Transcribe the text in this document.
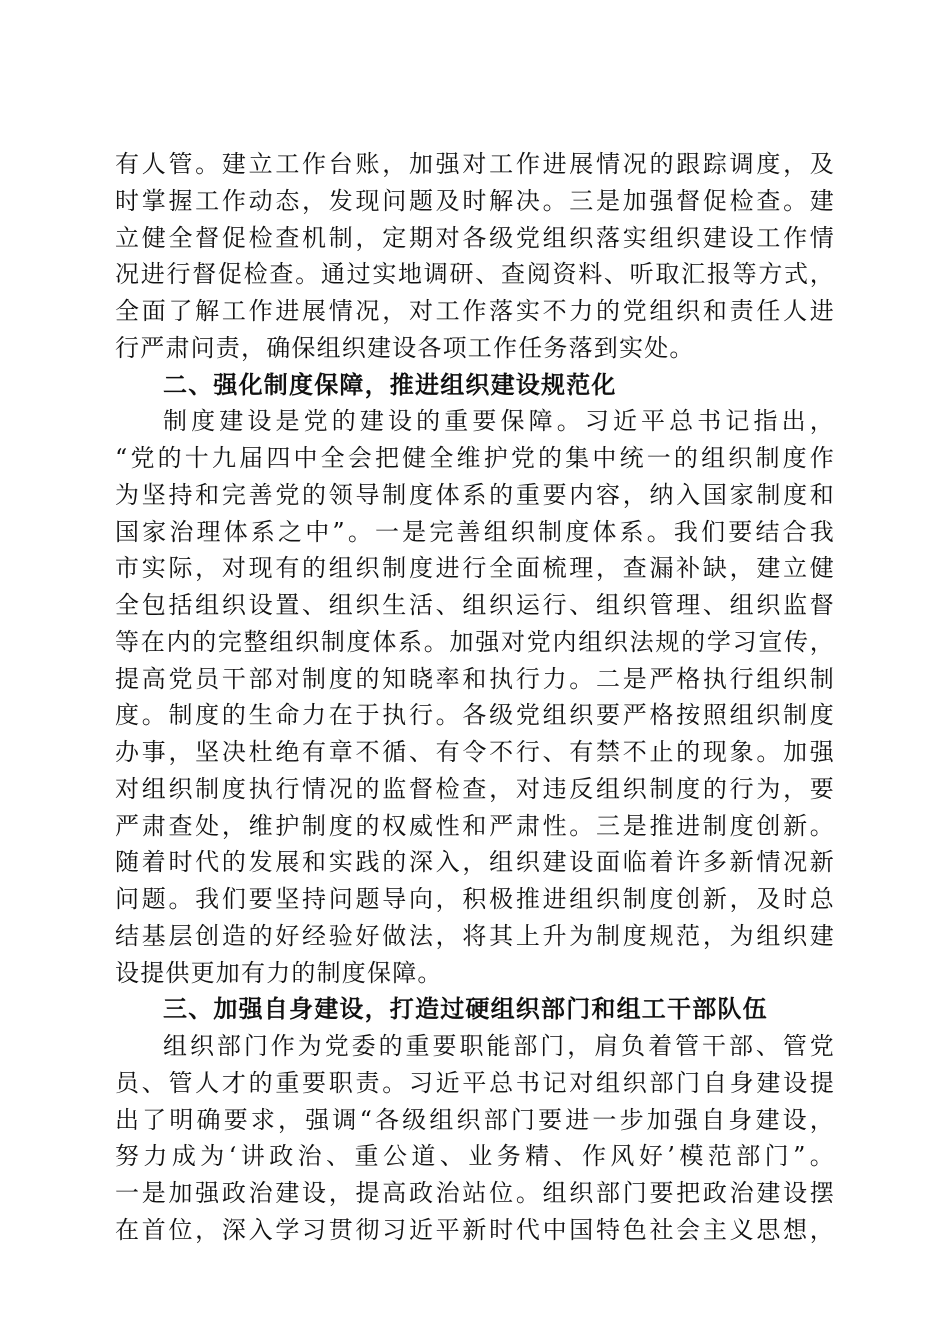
有人管。建立工作台账，加强对工作进展情况的跟踪调度，及
时掌握工作动态，发现问题及时解决。三是加强督促检查。建
立健全督促检查机制，定期对各级党组织落实组织建设工作情
况进行督促检查。通过实地调研、查阅资料、听取汇报等方式，
全面了解工作进展情况，对工作落实不力的党组织和责任人进
行严肃问责，确保组织建设各项工作任务落到实处。
二、强化制度保障，推进组织建设规范化
制度建设是党的建设的重要保障。习近平总书记指出，
“党的十九届四中全会把健全维护党的集中统一的组织制度作
为坚持和完善党的领导制度体系的重要内容，纳入国家制度和
国家治理体系之中”。一是完善组织制度体系。我们要结合我
市实际，对现有的组织制度进行全面梳理，查漏补缺，建立健
全包括组织设置、组织生活、组织运行、组织管理、组织监督
等在内的完整组织制度体系。加强对党内组织法规的学习宣传，
提高党员干部对制度的知晓率和执行力。二是严格执行组织制
度。制度的生命力在于执行。各级党组织要严格按照组织制度
办事，坚决杜绝有章不循、有令不行、有禁不止的现象。加强
对组织制度执行情况的监督检查，对违反组织制度的行为，要
严肃查处，维护制度的权威性和严肃性。三是推进制度创新。
随着时代的发展和实践的深入，组织建设面临着许多新情况新
问题。我们要坚持问题导向，积极推进组织制度创新，及时总
结基层创造的好经验好做法，将其上升为制度规范，为组织建
设提供更加有力的制度保障。
三、加强自身建设，打造过硬组织部门和组工干部队伍
组织部门作为党委的重要职能部门，肩负着管干部、管党
员、管人才的重要职责。习近平总书记对组织部门自身建设提
出了明确要求，强调“各级组织部门要进一步加强自身建设，
努力成为‘讲政治、重公道、业务精、作风好’模范部门”。
一是加强政治建设，提高政治站位。组织部门要把政治建设摆
在首位，深入学习贯彻习近平新时代中国特色社会主义思想，
